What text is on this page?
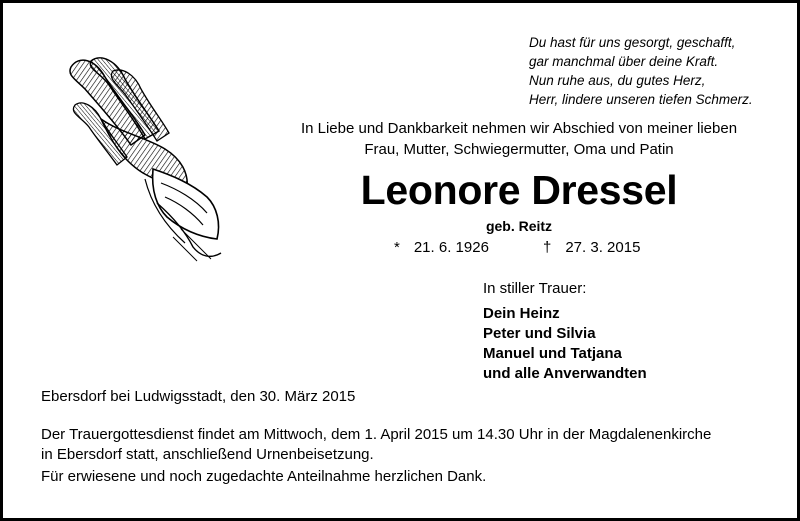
Du hast für uns gesorgt, geschafft,
gar manchmal über deine Kraft.
Nun ruhe aus, du gutes Herz,
Herr, lindere unseren tiefen Schmerz.
In Liebe und Dankbarkeit nehmen wir Abschied von meiner lieben
Frau, Mutter, Schwiegermutter, Oma und Patin
Leonore Dressel
geb. Reitz
* 21. 6. 1926	† 27. 3. 2015
In stiller Trauer:
Dein Heinz
Peter und Silvia
Manuel und Tatjana
und alle Anverwandten
Ebersdorf bei Ludwigsstadt, den 30. März 2015
Der Trauergottesdienst findet am Mittwoch, dem 1. April 2015 um 14.30 Uhr in der Magdalenenkirche
in Ebersdorf statt, anschließend Urnenbeisetzung.
Für erwiesene und noch zugedachte Anteilnahme herzlichen Dank.
